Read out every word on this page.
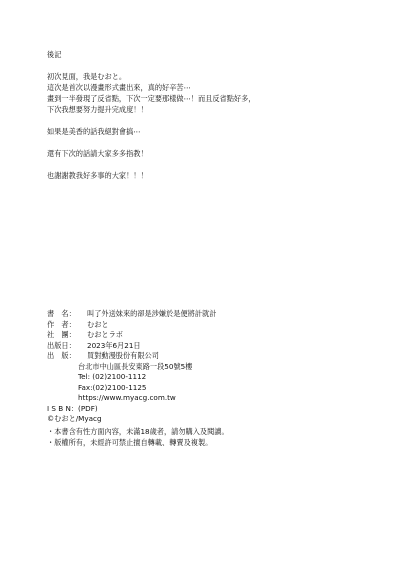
後記

初次見面，我是むおと。

這次是首次以漫畫形式畫出來，真的好辛苦⋯

畫到一半發現了反省點，下次一定要那樣做⋯！而且反省點好多，

下次我想要努力提升完成度！！

如果是美香的話我絕對會搞⋯

還有下次的話請大家多多指教！

也謝謝教我好多事的大家！！！

書　名：	叫了外送妹來的卻是涉嫌於是便將計就計
作　者：	むおと
社　團：	むおとラボ
出版日：	2023年6月21日
出　版：	買對動漫股份有限公司
台北市中山區長安東路一段50號5樓
Tel: (02)2100-1112
Fax:(02)2100-1125
https://www.myacg.com.tw
I S B N：(PDF)
©むおと/Myacg

・本書含有性方面內容，未滿18歲者，請勿購入及閱讀。

・版權所有，未經許可禁止擅自轉載、轉賣及複製。
